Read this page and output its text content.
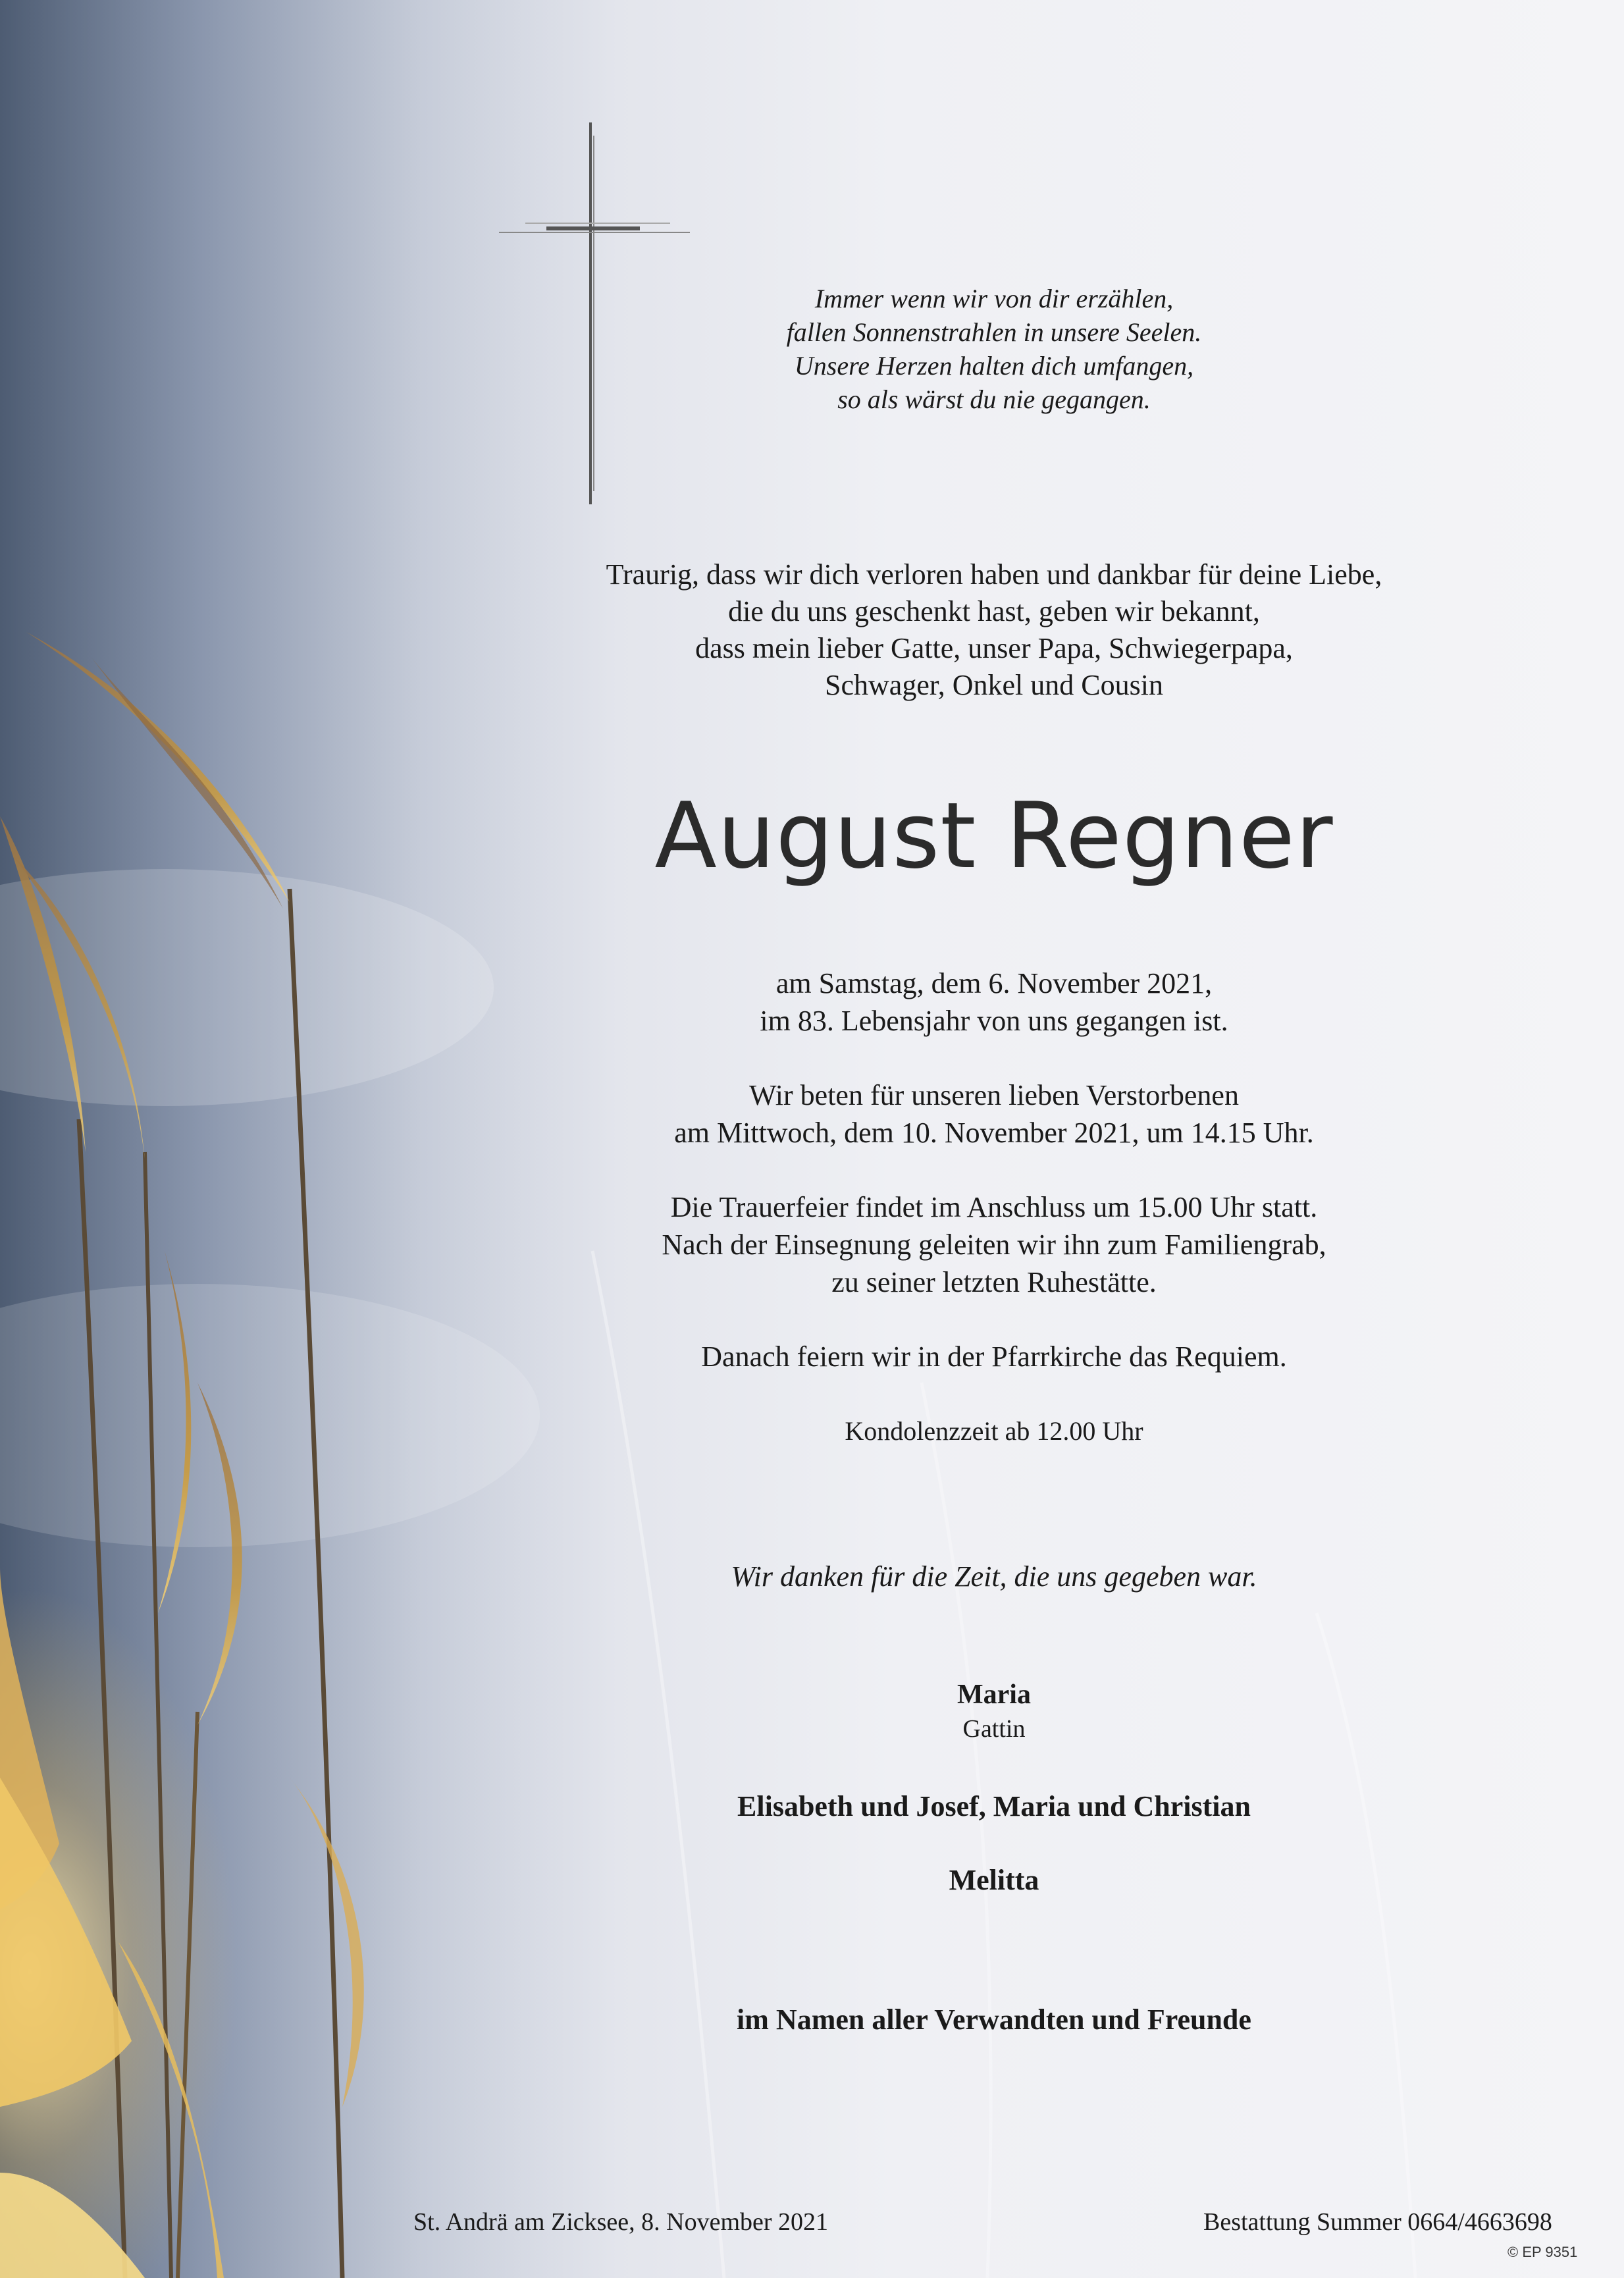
Immer wenn wir von dir erzählen,
fallen Sonnenstrahlen in unsere Seelen.
Unsere Herzen halten dich umfangen,
so als wärst du nie gegangen.
Traurig, dass wir dich verloren haben und dankbar für deine Liebe,
die du uns geschenkt hast, geben wir bekannt,
dass mein lieber Gatte, unser Papa, Schwiegerpapa,
Schwager, Onkel und Cousin
August Regner

am Samstag, dem 6. November 2021,
im 83. Lebensjahr von uns gegangen ist.

Wir beten für unseren lieben Verstorbenen
am Mittwoch, dem 10. November 2021, um 14.15 Uhr.

Die Trauerfeier findet im Anschluss um 15.00 Uhr statt.
Nach der Einsegnung geleiten wir ihn zum Familiengrab,
zu seiner letzten Ruhestätte.

Danach feiern wir in der Pfarrkirche das Requiem.

Kondolenzzeit ab 12.00 Uhr

Wir danken für die Zeit, die uns gegeben war.
Maria
Gattin
Elisabeth und Josef, Maria und Christian
Melitta
im Namen aller Verwandten und Freunde
St. Andrä am Zicksee, 8. November 2021	Bestattung Summer 0664/4663698
© EP 9351
